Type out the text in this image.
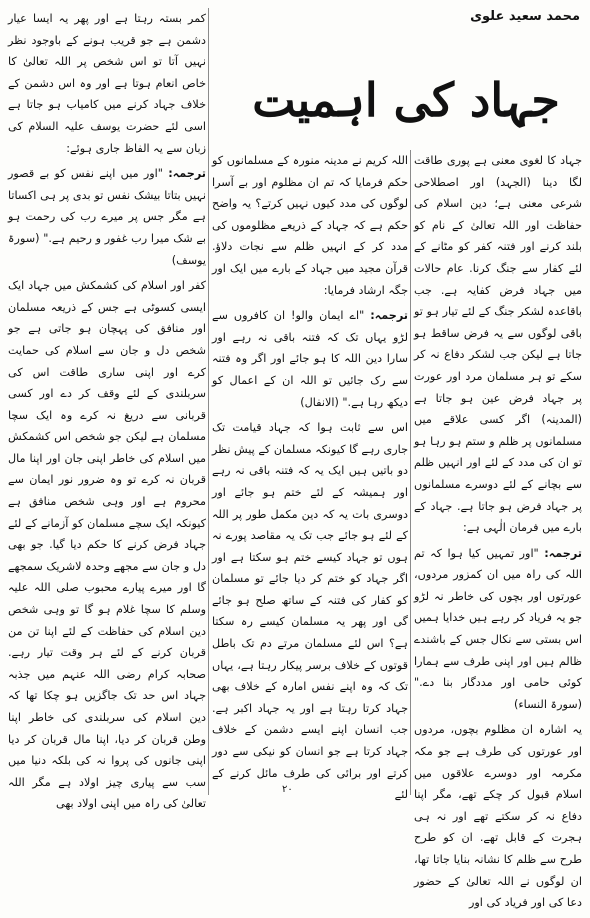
محمد سعید علوی
جہاد کی اہمیت

جہاد کا لغوی معنی ہے پوری طاقت لگا دینا (الجہد) اور اصطلاحی شرعی معنی ہے؛ دین اسلام کی حفاظت اور اللہ تعالیٰ کے نام کو بلند کرنے اور فتنہ کفر کو مٹانے کے لئے کفار سے جنگ کرنا. عام حالات میں جہاد فرض کفایہ ہے. جب باقاعدہ لشکر جنگ کے لئے تیار ہو تو باقی لوگوں سے یہ فرض ساقط ہو جاتا ہے لیکن جب لشکر دفاع نہ کر سکے تو ہر مسلمان مرد اور عورت پر جہاد فرض عین ہو جاتا ہے (المدینہ) اگر کسی علاقے میں مسلمانوں پر ظلم و ستم ہو رہا ہو تو ان کی مدد کے لئے اور انہیں ظلم سے بچانے کے لئے دوسرے مسلمانوں پر جہاد فرض ہو جاتا ہے. جہاد کے بارے میں فرمان الٰہی ہے:

ترجمہ: "اور تمہیں کیا ہوا کہ تم اللہ کی راہ میں ان کمزور مردوں، عورتوں اور بچوں کی خاطر نہ لڑو جو یہ فریاد کر رہے ہیں خدایا ہمیں اس بستی سے نکال جس کے باشندے ظالم ہیں اور اپنی طرف سے ہمارا کوئی حامی اور مددگار بنا دے." (سورۃ النساء)

یہ اشارہ ان مظلوم بچوں، مردوں اور عورتوں کی طرف ہے جو مکہ مکرمہ اور دوسرے علاقوں میں اسلام قبول کر چکے تھے، مگر اپنا دفاع نہ کر سکتے تھے اور نہ ہی ہجرت کے قابل تھے. ان کو طرح طرح سے ظلم کا نشانہ بنایا جاتا تھا، ان لوگوں نے اللہ تعالیٰ کے حضور دعا کی اور فریاد کی اور

اللہ کریم نے مدینہ منورہ کے مسلمانوں کو حکم فرمایا کہ تم ان مظلوم اور بے آسرا لوگوں کی مدد کیوں نہیں کرتے؟ یہ واضح حکم ہے کہ جہاد کے ذریعے مظلوموں کی مدد کر کے انہیں ظلم سے نجات دلاؤ. قرآن مجید میں جہاد کے بارے میں ایک اور جگہ ارشاد فرمایا:

ترجمہ: "اے ایمان والو! ان کافروں سے لڑو یہاں تک کہ فتنہ باقی نہ رہے اور سارا دین اللہ کا ہو جائے اور اگر وہ فتنہ سے رک جائیں تو اللہ ان کے اعمال کو دیکھ رہا ہے." (الانفال)

اس سے ثابت ہوا کہ جہاد قیامت تک جاری رہے گا کیونکہ مسلمان کے پیش نظر دو باتیں ہیں ایک یہ کہ فتنہ باقی نہ رہے اور ہمیشہ کے لئے ختم ہو جائے اور دوسری بات یہ کہ دین مکمل طور پر اللہ کے لئے ہو جائے جب تک یہ مقاصد پورے نہ ہوں تو جہاد کیسے ختم ہو سکتا ہے اور اگر جہاد کو ختم کر دیا جائے تو مسلمان کو کفار کی فتنہ کے ساتھ صلح ہو جائے گی اور پھر یہ مسلمان کیسے رہ سکتا ہے؟ اس لئے مسلمان مرتے دم تک باطل قوتوں کے خلاف برسر پیکار رہتا ہے، یہاں تک کہ وہ اپنے نفس امارہ کے خلاف بھی جہاد کرتا رہتا ہے اور یہ جہاد اکبر ہے. جب انسان اپنے ایسے دشمن کے خلاف جہاد کرتا ہے جو انسان کو نیکی سے دور کرتے اور برائی کی طرف مائل کرنے کے لئے

کمر بستہ رہتا ہے اور پھر یہ ایسا عیار دشمن ہے جو قریب ہونے کے باوجود نظر نہیں آتا تو اس شخص پر اللہ تعالیٰ کا خاص انعام ہوتا ہے اور وہ اس دشمن کے خلاف جہاد کرنے میں کامیاب ہو جاتا ہے اسی لئے حضرت یوسف علیہ السلام کی زبان سے یہ الفاظ جاری ہوئے:

ترجمہ: "اور میں اپنے نفس کو بے قصور نہیں بتاتا بیشک نفس تو بدی پر ہی اکساتا ہے مگر جس پر میرے رب کی رحمت ہو بے شک میرا رب غفور و رحیم ہے." (سورۃ یوسف)

کفر اور اسلام کی کشمکش میں جہاد ایک ایسی کسوٹی ہے جس کے ذریعہ مسلمان اور منافق کی پہچان ہو جاتی ہے جو شخص دل و جان سے اسلام کی حمایت کرے اور اپنی ساری طاقت اس کی سربلندی کے لئے وقف کر دے اور کسی قربانی سے دریغ نہ کرے وہ ایک سچا مسلمان ہے لیکن جو شخص اس کشمکش میں اسلام کی خاطر اپنی جان اور اپنا مال قربان نہ کرے تو وہ ضرور نور ایمان سے محروم ہے اور وہی شخص منافق ہے کیونکہ ایک سچے مسلمان کو آزمانے کے لئے جہاد فرض کرنے کا حکم دیا گیا. جو بھی دل و جان سے مجھے وحدہ لاشریک سمجھے گا اور میرے پیارے محبوب صلی اللہ علیہ وسلم کا سچا غلام ہو گا تو وہی شخص دین اسلام کی حفاظت کے لئے اپنا تن من قربان کرنے کے لئے ہر وقت تیار رہے. صحابہ کرام رضی اللہ عنہم میں جذبہ جہاد اس حد تک جاگزیں ہو چکا تھا کہ دین اسلام کی سربلندی کی خاطر اپنا وطن قربان کر دیا، اپنا مال قربان کر دیا اپنی جانوں کی پروا نہ کی بلکہ دنیا میں سب سے پیاری چیز اولاد ہے مگر اللہ تعالیٰ کی راہ میں اپنی اولاد بھی

۲۰
